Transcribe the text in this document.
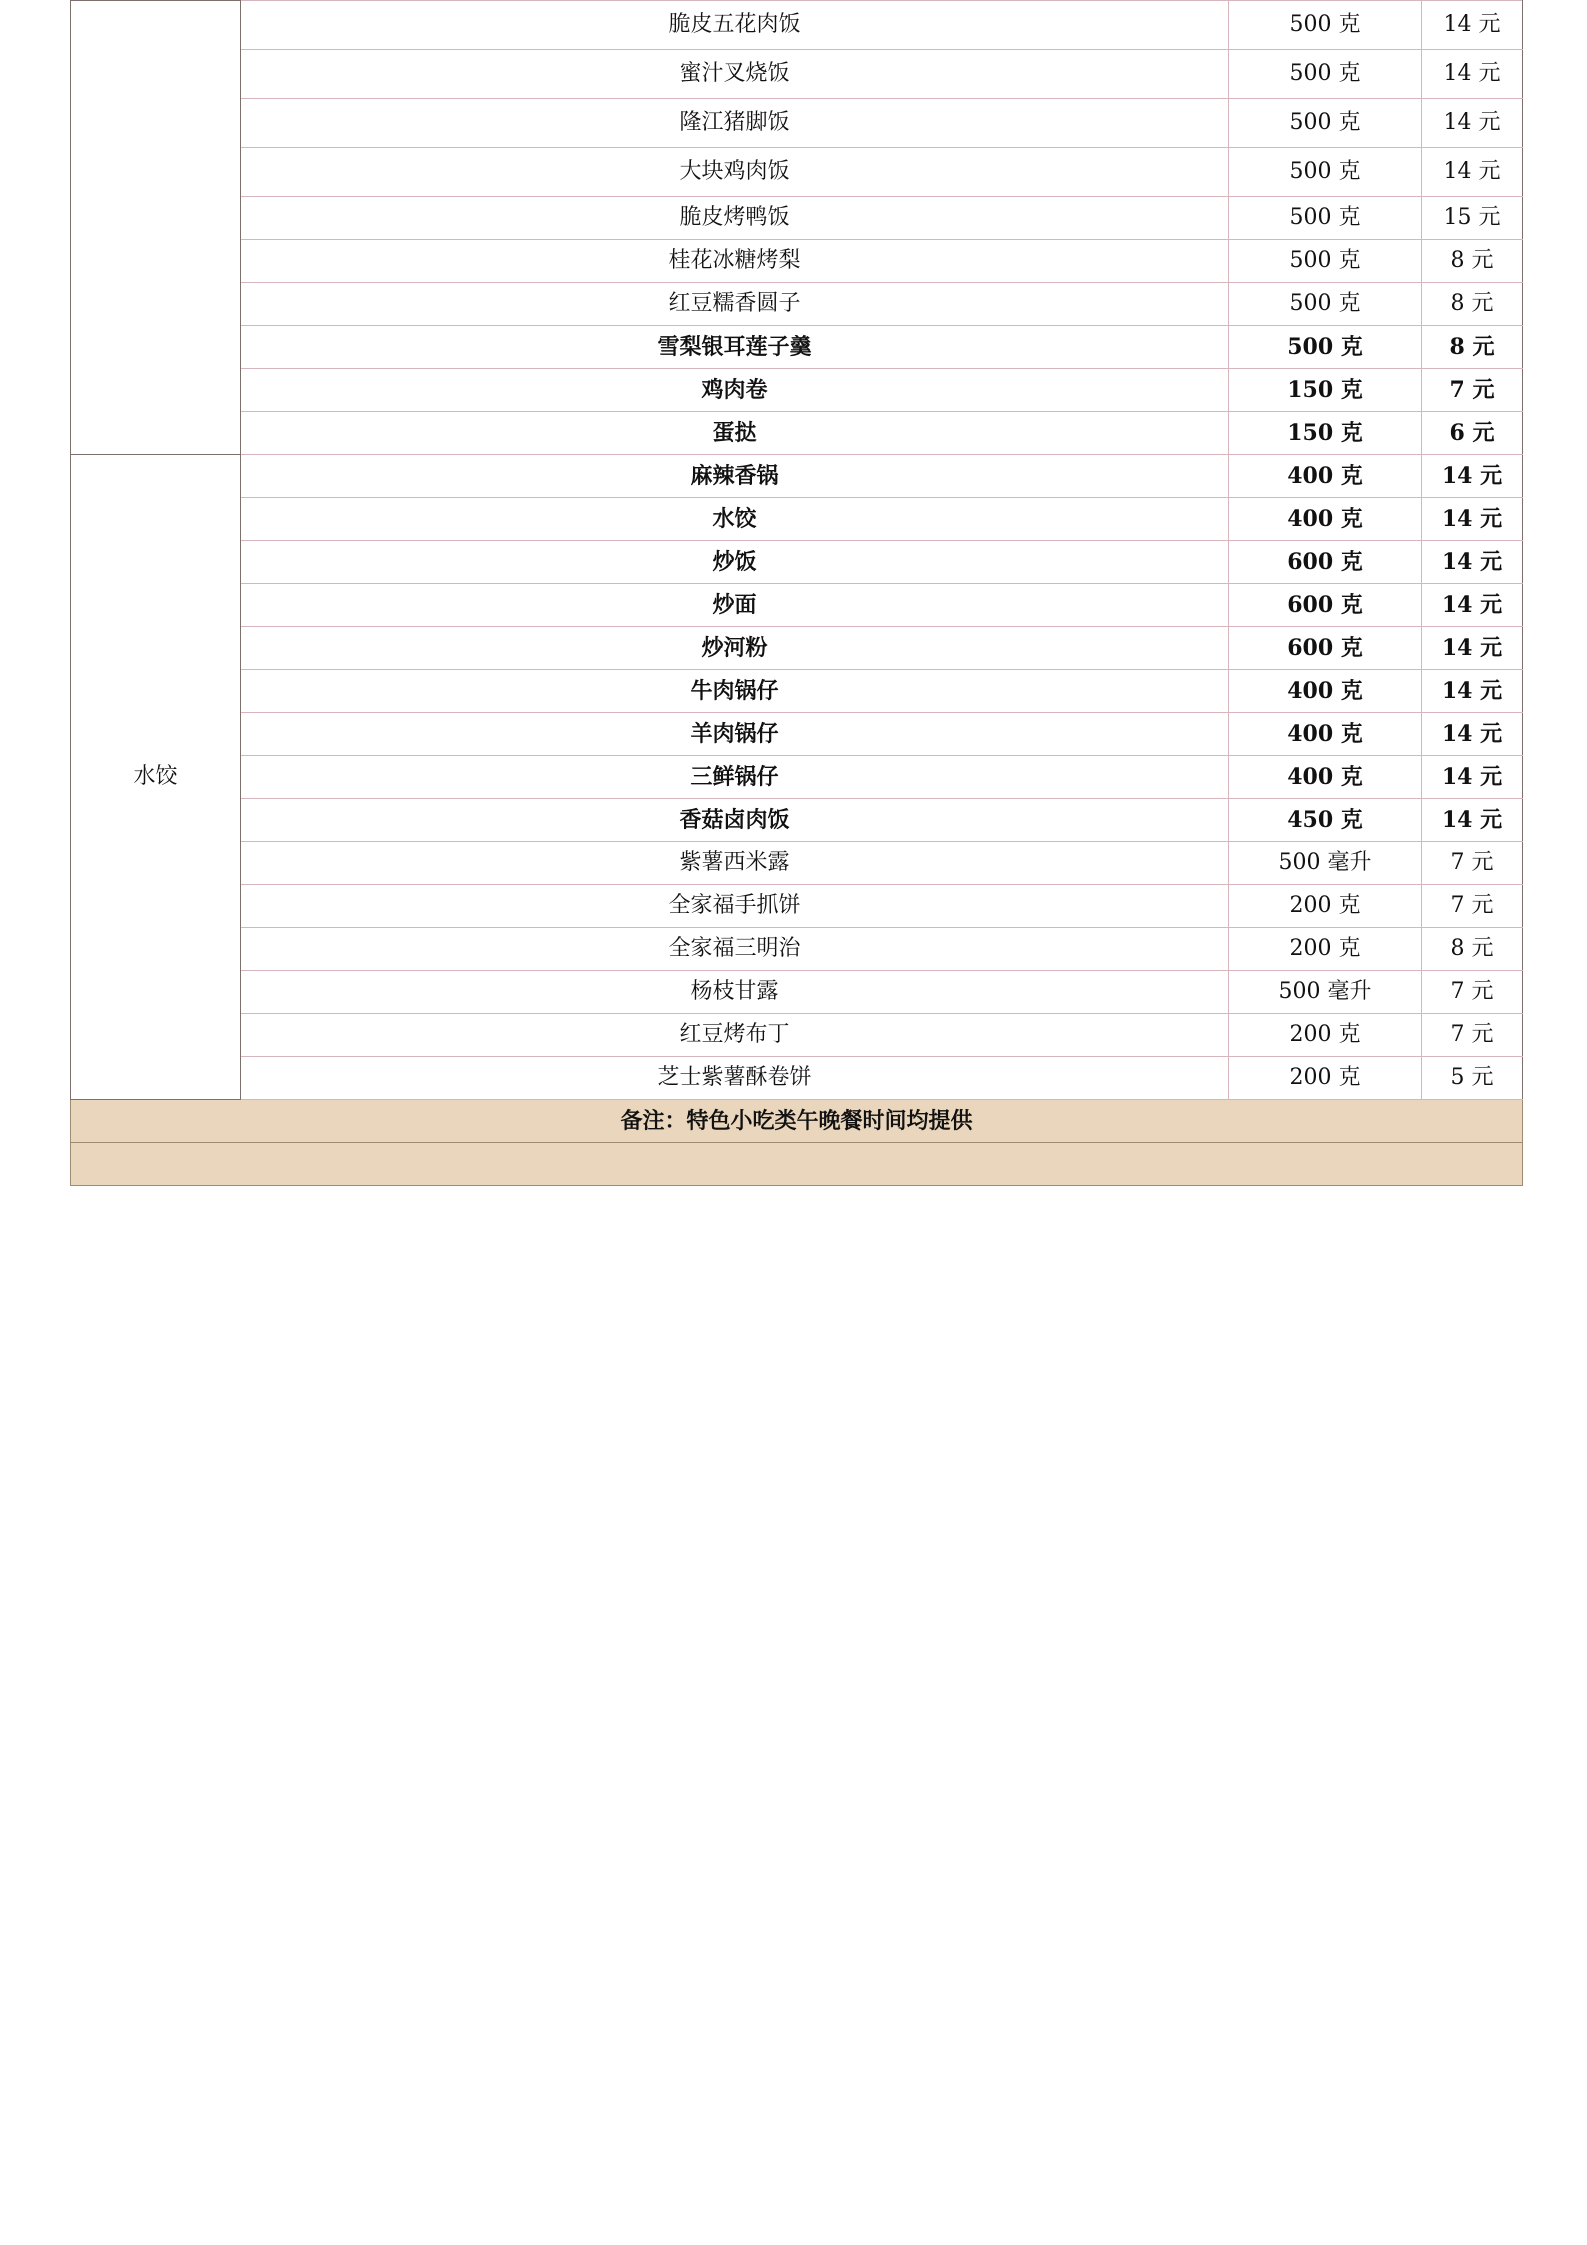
	脆皮五花肉饭	500 克	14 元
	蜜汁叉烧饭	500 克	14 元
	隆江猪脚饭	500 克	14 元
	大块鸡肉饭	500 克	14 元
	脆皮烤鸭饭	500 克	15 元
	桂花冰糖烤梨	500 克	8 元
	红豆糯香圆子	500 克	8 元
	雪梨银耳莲子羹	500 克	8 元
	鸡肉卷	150 克	7 元
	蛋挞	150 克	6 元
水饺	麻辣香锅	400 克	14 元
	水饺	400 克	14 元
	炒饭	600 克	14 元
	炒面	600 克	14 元
	炒河粉	600 克	14 元
	牛肉锅仔	400 克	14 元
	羊肉锅仔	400 克	14 元
	三鲜锅仔	400 克	14 元
	香菇卤肉饭	450 克	14 元
	紫薯西米露	500 毫升	7 元
	全家福手抓饼	200 克	7 元
	全家福三明治	200 克	8 元
	杨枝甘露	500 毫升	7 元
	红豆烤布丁	200 克	7 元
	芝士紫薯酥卷饼	200 克	5 元
备注：特色小吃类午晚餐时间均提供			
